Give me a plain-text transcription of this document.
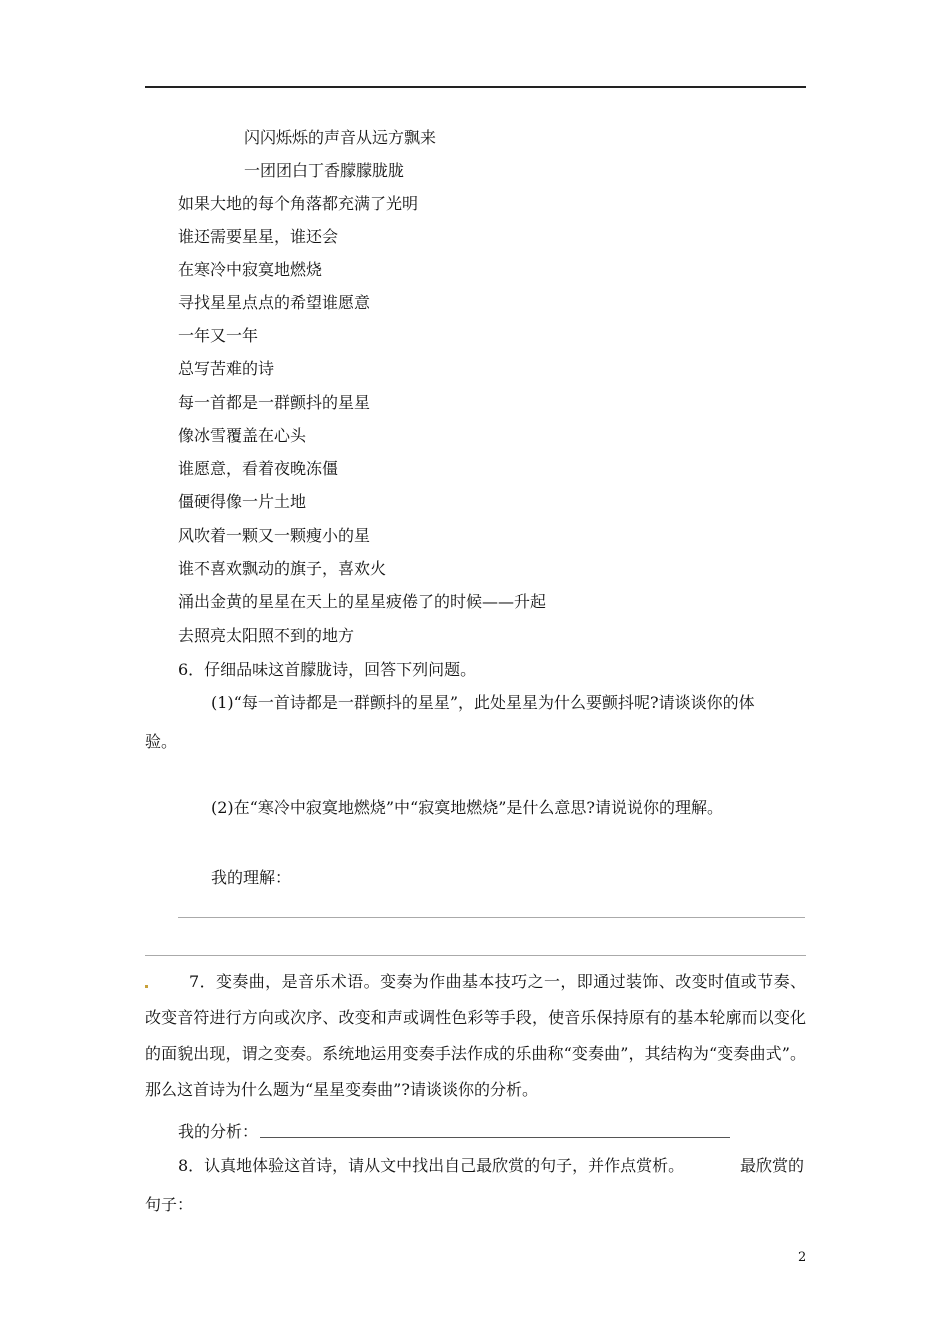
闪闪烁烁的声音从远方飘来
一团团白丁香朦朦胧胧
如果大地的每个角落都充满了光明
谁还需要星星，谁还会
在寒冷中寂寞地燃烧
寻找星星点点的希望谁愿意
一年又一年
总写苦难的诗
每一首都是一群颤抖的星星
像冰雪覆盖在心头
谁愿意，看着夜晚冻僵
僵硬得像一片土地
风吹着一颗又一颗瘦小的星
谁不喜欢飘动的旗子，喜欢火
涌出金黄的星星在天上的星星疲倦了的时候——升起
去照亮太阳照不到的地方
6．仔细品味这首朦胧诗，回答下列问题。
(1)“每一首诗都是一群颤抖的星星”，此处星星为什么要颤抖呢?请谈谈你的体
验。
(2)在“寒冷中寂寞地燃烧”中“寂寞地燃烧”是什么意思?请说说你的理解。
我的理解：
7．变奏曲，是音乐术语。变奏为作曲基本技巧之一，即通过装饰、改变时值或节奏、改变音符进行方向或次序、改变和声或调性色彩等手段，使音乐保持原有的基本轮廓而以变化的面貌出现，谓之变奏。系统地运用变奏手法作成的乐曲称“变奏曲”，其结构为“变奏曲式”。那么这首诗为什么题为“星星变奏曲”?请谈谈你的分析。
我的分析：
8．认真地体验这首诗，请从文中找出自己最欣赏的句子，并作点赏析。	最欣赏的
句子：
2
